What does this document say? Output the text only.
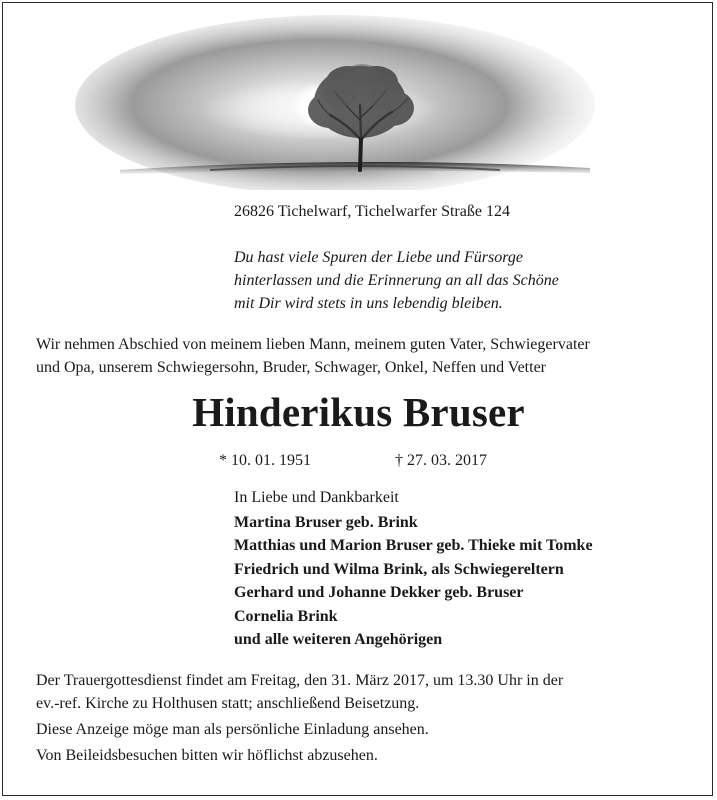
26826 Tichelwarf, Tichelwarfer Straße 124
Du hast viele Spuren der Liebe und Fürsorge
hinterlassen und die Erinnerung an all das Schöne
mit Dir wird stets in uns lebendig bleiben.
Wir nehmen Abschied von meinem lieben Mann, meinem guten Vater, Schwiegervater
und Opa, unserem Schwiegersohn, Bruder, Schwager, Onkel, Neffen und Vetter
Hinderikus Bruser
* 10. 01. 1951	† 27. 03. 2017
In Liebe und Dankbarkeit
Martina Bruser geb. Brink
Matthias und Marion Bruser geb. Thieke mit Tomke
Friedrich und Wilma Brink, als Schwiegereltern
Gerhard und Johanne Dekker geb. Bruser
Cornelia Brink
und alle weiteren Angehörigen
Der Trauergottesdienst findet am Freitag, den 31. März 2017, um 13.30 Uhr in der
ev.-ref. Kirche zu Holthusen statt; anschließend Beisetzung.
Diese Anzeige möge man als persönliche Einladung ansehen.
Von Beileidsbesuchen bitten wir höflichst abzusehen.
